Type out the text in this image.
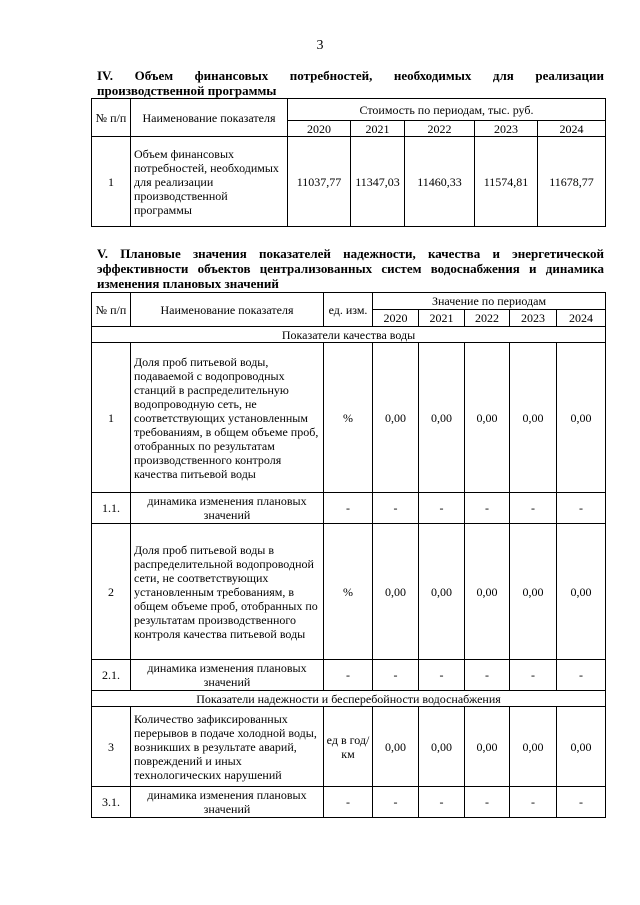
3
IV. Объем финансовых потребностей, необходимых для реализации производственной программы
№ п/п	Наименование показателя	Стоимость по периодам, тыс. руб.				
		2020	2021	2022	2023	2024
1	Объем финансовых потребностей, необходимых для реализации производственной программы	11037,77	11347,03	11460,33	11574,81	11678,77
V. Плановые значения показателей надежности, качества и энергетической эффективности объектов централизованных систем водоснабжения и динамика изменения плановых значений
№ п/п	Наименование показателя	ед. изм.	Значение по периодам				
			2020	2021	2022	2023	2024
Показатели качества воды							
1	Доля проб питьевой воды, подаваемой с водопроводных станций в распределительную водопроводную сеть, не соответствующих установленным требованиям, в общем объеме проб, отобранных по результатам производственного контроля качества питьевой воды	%	0,00	0,00	0,00	0,00	0,00
1.1.	динамика изменения плановых значений	-	-	-	-	-	-
2	Доля проб питьевой воды в распределительной водопроводной сети, не соответствующих установленным требованиям, в общем объеме проб, отобранных по результатам производственного контроля качества питьевой воды	%	0,00	0,00	0,00	0,00	0,00
2.1.	динамика изменения плановых значений	-	-	-	-	-	-
Показатели надежности и бесперебойности водоснабжения							
3	Количество зафиксированных перерывов в подаче холодной воды, возникших в результате аварий, повреждений и иных технологических нарушений	ед в год/ км	0,00	0,00	0,00	0,00	0,00
3.1.	динамика изменения плановых значений	-	-	-	-	-	-
